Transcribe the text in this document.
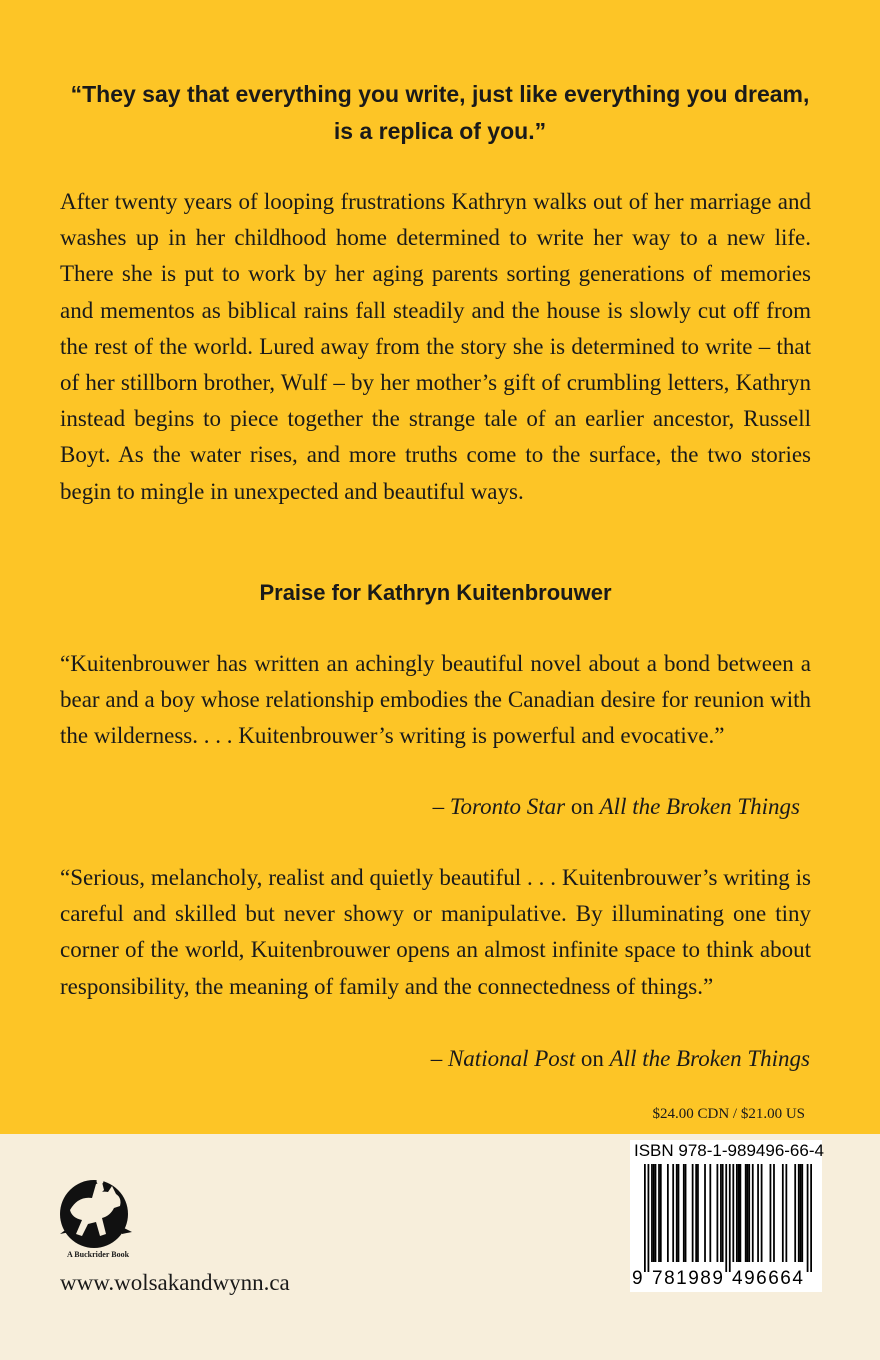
“They say that everything you write, just like everything you dream, is a replica of you.”

After twenty years of looping frustrations Kathryn walks out of her marriage and washes up in her childhood home determined to write her way to a new life. There she is put to work by her aging parents sorting generations of memories and mementos as biblical rains fall steadily and the house is slowly cut off from the rest of the world. Lured away from the story she is determined to write – that of her stillborn brother, Wulf – by her mother’s gift of crumbling letters, Kathryn instead begins to piece together the strange tale of an earlier ancestor, Russell Boyt. As the water rises, and more truths come to the surface, the two stories begin to mingle in unexpected and beautiful ways.

Praise for Kathryn Kuitenbrouwer

“Kuitenbrouwer has written an achingly beautiful novel about a bond between a bear and a boy whose relationship embodies the Canadian desire for reunion with the wilderness. . . . Kuitenbrouwer’s writing is powerful and evocative.”

– Toronto Star on All the Broken Things

“Serious, melancholy, realist and quietly beautiful . . . Kuitenbrouwer’s writing is careful and skilled but never showy or manipulative. By illuminating one tiny corner of the world, Kuitenbrouwer opens an almost infinite space to think about responsibility, the meaning of family and the connectedness of things.”

– National Post on All the Broken Things

$24.00 CDN / $21.00 US
A Buckrider Book
www.wolsakandwynn.ca
ISBN 978-1-989496-66-4
9 781989 496664
